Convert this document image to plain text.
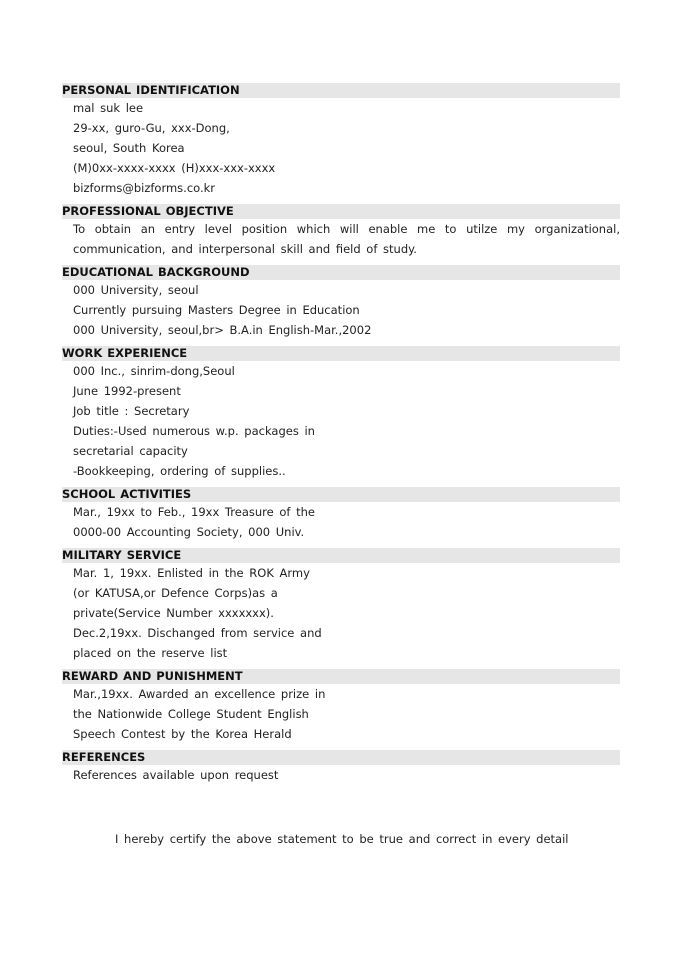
PERSONAL IDENTIFICATION
mal suk lee
29-xx, guro-Gu, xxx-Dong,
seoul, South Korea
(M)0xx-xxxx-xxxx (H)xxx-xxx-xxxx
bizforms@bizforms.co.kr
PROFESSIONAL OBJECTIVE
To obtain an entry level position which will enable me to utilze my organizational, communication, and interpersonal skill and field of study.
EDUCATIONAL BACKGROUND
000 University, seoul
Currently pursuing Masters Degree in Education
000 University, seoul,br> B.A.in English-Mar.,2002
WORK EXPERIENCE
000 Inc., sinrim-dong,Seoul
June 1992-present
Job title : Secretary
Duties:-Used numerous w.p. packages in
secretarial capacity
-Bookkeeping, ordering of supplies..
SCHOOL ACTIVITIES
Mar., 19xx to Feb., 19xx Treasure of the
0000-00 Accounting Society, 000 Univ.
MILITARY SERVICE
Mar. 1, 19xx. Enlisted in the ROK Army
(or KATUSA,or Defence Corps)as a
private(Service Number xxxxxxx).
Dec.2,19xx. Dischanged from service and
placed on the reserve list
REWARD AND PUNISHMENT
Mar.,19xx. Awarded an excellence prize in
the Nationwide College Student English
Speech Contest by the Korea Herald
REFERENCES
References available upon request
I hereby certify the above statement to be true and correct in every detail
